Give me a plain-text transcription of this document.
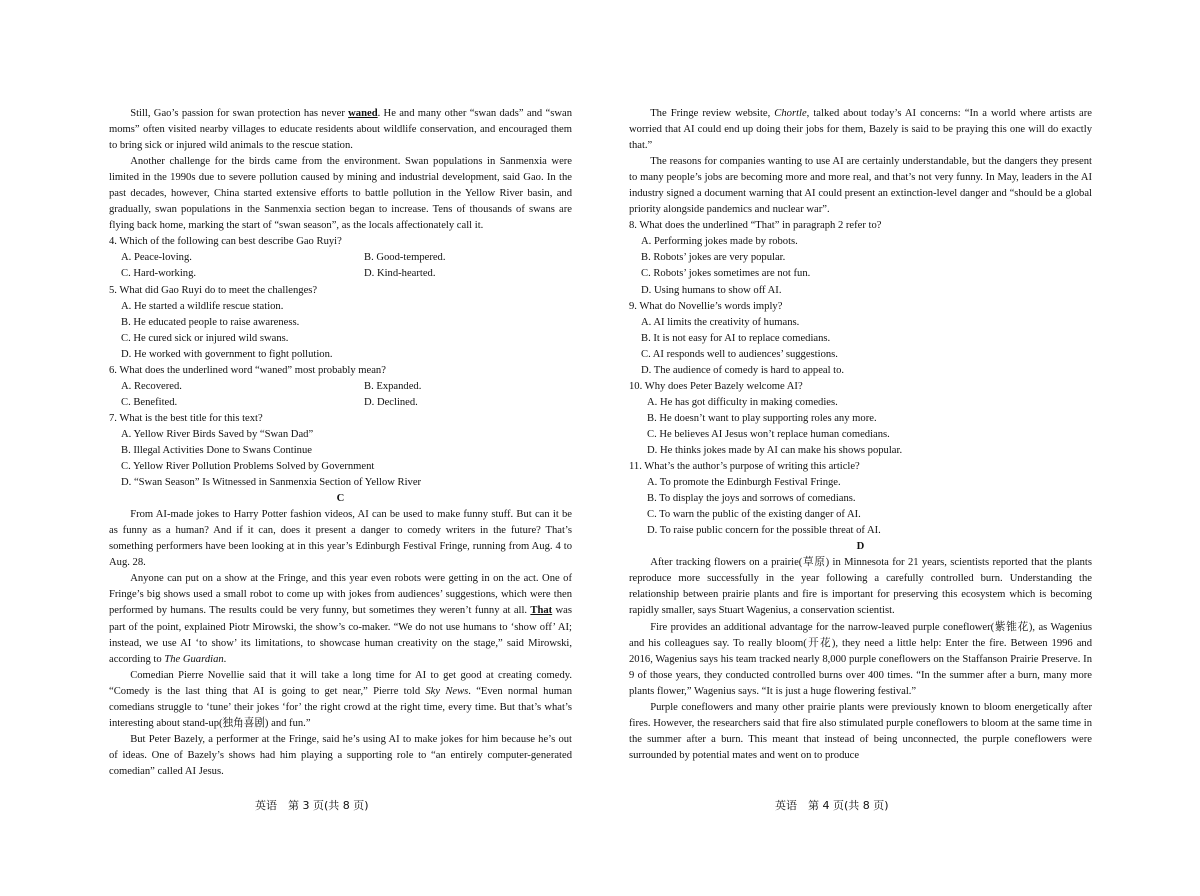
Still, Gao’s passion for swan protection has never waned. He and many other “swan dads” and “swan moms” often visited nearby villages to educate residents about wildlife conservation, and encouraged them to bring sick or injured wild animals to the rescue station.

Another challenge for the birds came from the environment. Swan populations in Sanmenxia were limited in the 1990s due to severe pollution caused by mining and industrial development, said Gao. In the past decades, however, China started extensive efforts to battle pollution in the Yellow River basin, and gradually, swan populations in the Sanmenxia section began to increase. Tens of thousands of swans are flying back home, marking the start of “swan season”, as the locals affectionately call it.

4. Which of the following can best describe Gao Ruyi?

A. Peace-loving.	B. Good-tempered.
C. Hard-working.	D. Kind-hearted.

5. What did Gao Ruyi do to meet the challenges?

A. He started a wildlife rescue station.

B. He educated people to raise awareness.

C. He cured sick or injured wild swans.

D. He worked with government to fight pollution.

6. What does the underlined word “waned” most probably mean?

A. Recovered.	B. Expanded.
C. Benefited.	D. Declined.

7. What is the best title for this text?

A. Yellow River Birds Saved by “Swan Dad”

B. Illegal Activities Done to Swans Continue

C. Yellow River Pollution Problems Solved by Government

D. “Swan Season” Is Witnessed in Sanmenxia Section of Yellow River

C

From AI-made jokes to Harry Potter fashion videos, AI can be used to make funny stuff. But can it be as funny as a human? And if it can, does it present a danger to comedy writers in the future? That’s something performers have been looking at in this year’s Edinburgh Festival Fringe, running from Aug. 4 to Aug. 28.

Anyone can put on a show at the Fringe, and this year even robots were getting in on the act. One of Fringe’s big shows used a small robot to come up with jokes from audiences’ suggestions, which were then performed by humans. The results could be very funny, but sometimes they weren’t funny at all. That was part of the point, explained Piotr Mirowski, the show’s co-maker. “We do not use humans to ‘show off’ AI; instead, we use AI ‘to show’ its limitations, to showcase human creativity on the stage,” said Mirowski, according to The Guardian.

Comedian Pierre Novellie said that it will take a long time for AI to get good at creating comedy. “Comedy is the last thing that AI is going to get near,” Pierre told Sky News. “Even normal human comedians struggle to ‘tune’ their jokes ‘for’ the right crowd at the right time, every time. But that’s what’s interesting about stand-up(独角喜剧) and fun.”

But Peter Bazely, a performer at the Fringe, said he’s using AI to make jokes for him because he’s out of ideas. One of Bazely’s shows had him playing a supporting role to “an entirely computer-generated comedian” called AI Jesus.

The Fringe review website, Chortle, talked about today’s AI concerns: “In a world where artists are worried that AI could end up doing their jobs for them, Bazely is said to be praying this one will do exactly that.”

The reasons for companies wanting to use AI are certainly understandable, but the dangers they present to many people’s jobs are becoming more and more real, and that’s not very funny. In May, leaders in the AI industry signed a document warning that AI could present an extinction-level danger and “should be a global priority alongside pandemics and nuclear war”.

8. What does the underlined “That” in paragraph 2 refer to?

A. Performing jokes made by robots.

B. Robots’ jokes are very popular.

C. Robots’ jokes sometimes are not fun.

D. Using humans to show off AI.

9. What do Novellie’s words imply?

A. AI limits the creativity of humans.

B. It is not easy for AI to replace comedians.

C. AI responds well to audiences’ suggestions.

D. The audience of comedy is hard to appeal to.

10. Why does Peter Bazely welcome AI?

A. He has got difficulty in making comedies.

B. He doesn’t want to play supporting roles any more.

C. He believes AI Jesus won’t replace human comedians.

D. He thinks jokes made by AI can make his shows popular.

11. What’s the author’s purpose of writing this article?

A. To promote the Edinburgh Festival Fringe.

B. To display the joys and sorrows of comedians.

C. To warn the public of the existing danger of AI.

D. To raise public concern for the possible threat of AI.

D

After tracking flowers on a prairie(草原) in Minnesota for 21 years, scientists reported that the plants reproduce more successfully in the year following a carefully controlled burn. Understanding the relationship between prairie plants and fire is important for preserving this ecosystem which is becoming rapidly smaller, says Stuart Wagenius, a conservation scientist.

Fire provides an additional advantage for the narrow-leaved purple coneflower(紫锥花), as Wagenius and his colleagues say. To really bloom(开花), they need a little help: Enter the fire. Between 1996 and 2016, Wagenius says his team tracked nearly 8,000 purple coneflowers on the Staffanson Prairie Preserve. In 9 of those years, they conducted controlled burns over 400 times. “In the summer after a burn, many more plants flower,” Wagenius says. “It is just a huge flowering festival.”

Purple coneflowers and many other prairie plants were previously known to bloom energetically after fires. However, the researchers said that fire also stimulated purple coneflowers to bloom at the same time in the summer after a burn. This meant that instead of being unconnected, the purple coneflowers were surrounded by potential mates and went on to produce

英语　第 3 页(共 8 页)	英语　第 4 页(共 8 页)
